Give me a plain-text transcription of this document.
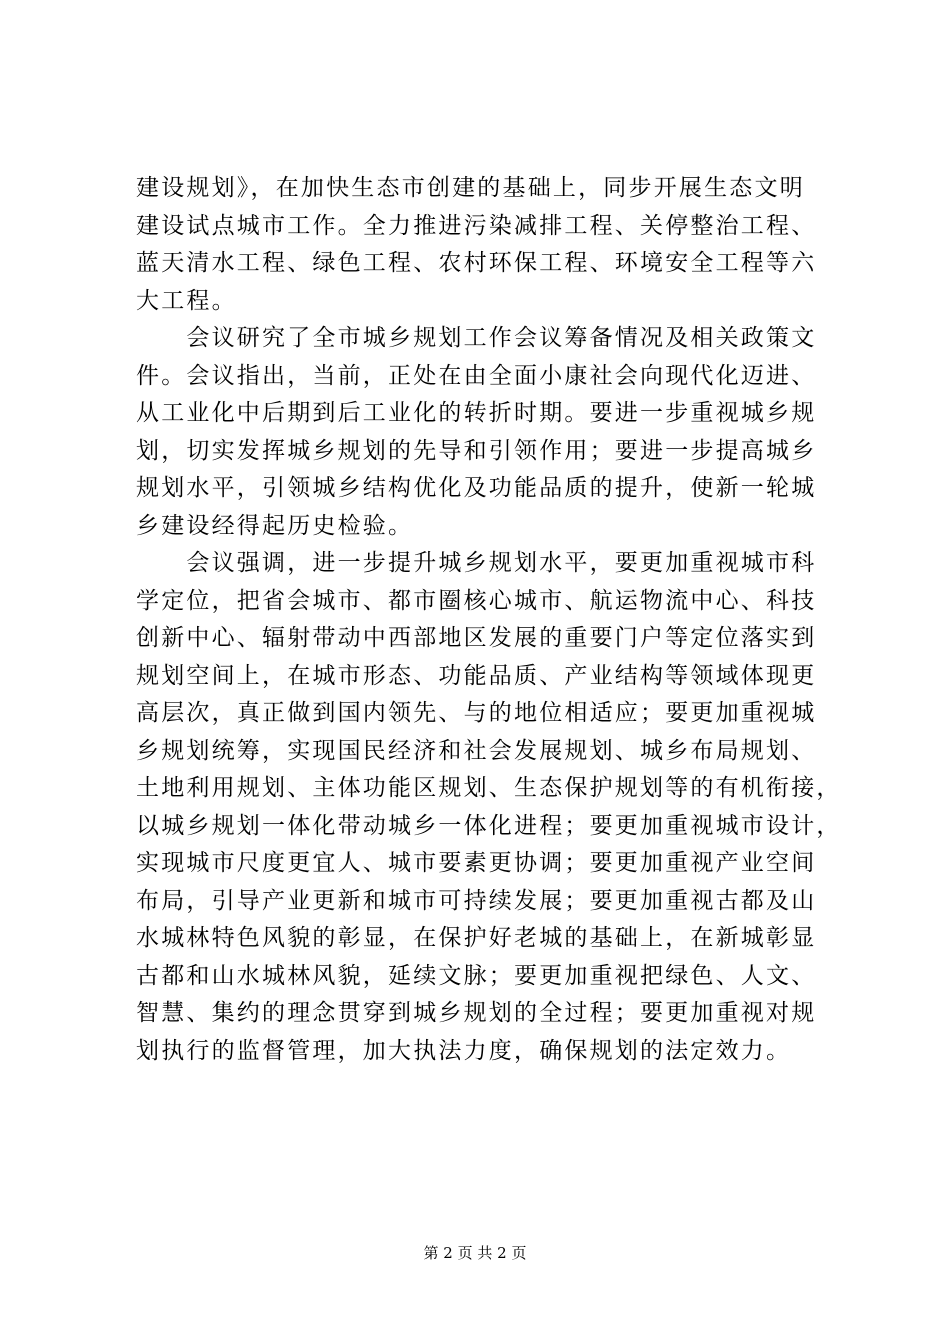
建设规划》，在加快生态市创建的基础上，同步开展生态文明
建设试点城市工作。全力推进污染减排工程、关停整治工程、
蓝天清水工程、绿色工程、农村环保工程、环境安全工程等六
大工程。
　　会议研究了全市城乡规划工作会议筹备情况及相关政策文
件。会议指出，当前，正处在由全面小康社会向现代化迈进、
从工业化中后期到后工业化的转折时期。要进一步重视城乡规
划，切实发挥城乡规划的先导和引领作用；要进一步提高城乡
规划水平，引领城乡结构优化及功能品质的提升，使新一轮城
乡建设经得起历史检验。
　　会议强调，进一步提升城乡规划水平，要更加重视城市科
学定位，把省会城市、都市圈核心城市、航运物流中心、科技
创新中心、辐射带动中西部地区发展的重要门户等定位落实到
规划空间上，在城市形态、功能品质、产业结构等领域体现更
高层次，真正做到国内领先、与的地位相适应；要更加重视城
乡规划统筹，实现国民经济和社会发展规划、城乡布局规划、
土地利用规划、主体功能区规划、生态保护规划等的有机衔接，
以城乡规划一体化带动城乡一体化进程；要更加重视城市设计，
实现城市尺度更宜人、城市要素更协调；要更加重视产业空间
布局，引导产业更新和城市可持续发展；要更加重视古都及山
水城林特色风貌的彰显，在保护好老城的基础上，在新城彰显
古都和山水城林风貌，延续文脉；要更加重视把绿色、人文、
智慧、集约的理念贯穿到城乡规划的全过程；要更加重视对规
划执行的监督管理，加大执法力度，确保规划的法定效力。
第 2 页 共 2 页
